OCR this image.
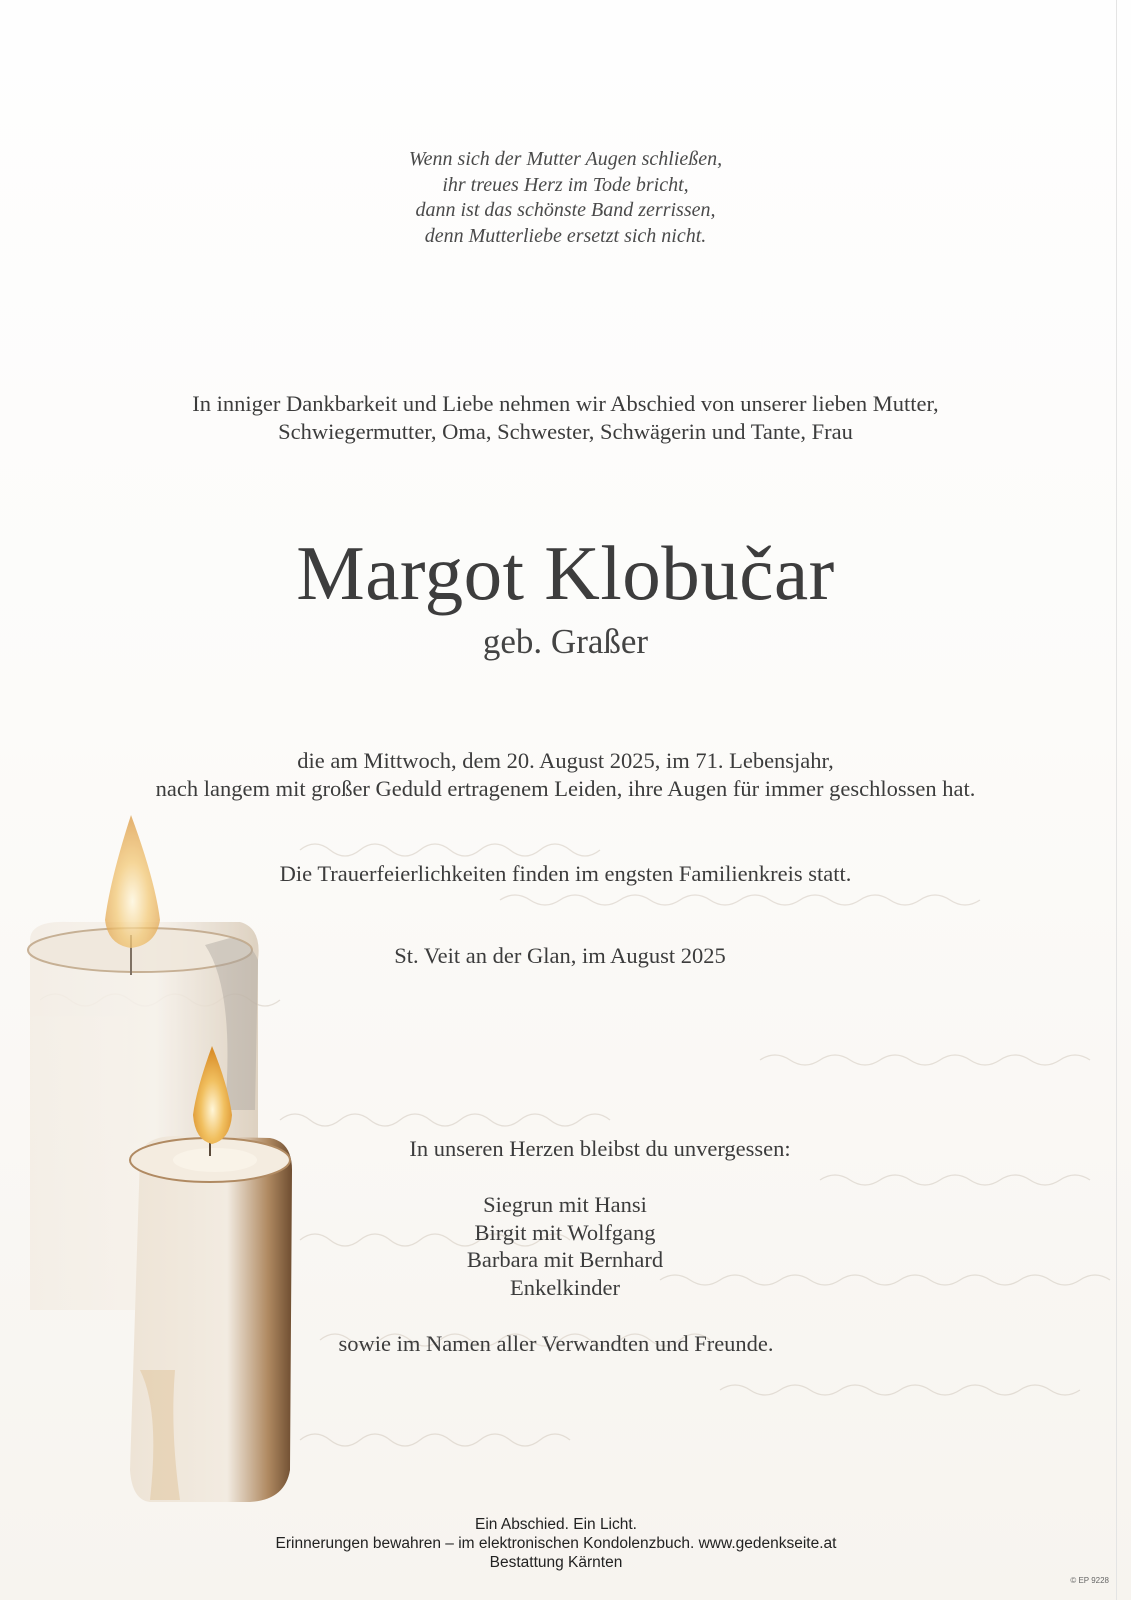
Wenn sich der Mutter Augen schließen,
ihr treues Herz im Tode bricht,
dann ist das schönste Band zerrissen,
denn Mutterliebe ersetzt sich nicht.
In inniger Dankbarkeit und Liebe nehmen wir Abschied von unserer lieben Mutter,
Schwiegermutter, Oma, Schwester, Schwägerin und Tante, Frau
Margot Klobučar
geb. Graßer
die am Mittwoch, dem 20. August 2025, im 71. Lebensjahr,
nach langem mit großer Geduld ertragenem Leiden, ihre Augen für immer geschlossen hat.
Die Trauerfeierlichkeiten finden im engsten Familienkreis statt.
St. Veit an der Glan, im August 2025
In unseren Herzen bleibst du unvergessen:
Siegrun mit Hansi
Birgit mit Wolfgang
Barbara mit Bernhard
Enkelkinder
sowie im Namen aller Verwandten und Freunde.
Ein Abschied. Ein Licht.
Erinnerungen bewahren – im elektronischen Kondolenzbuch. www.gedenkseite.at
Bestattung Kärnten
© EP 9228
